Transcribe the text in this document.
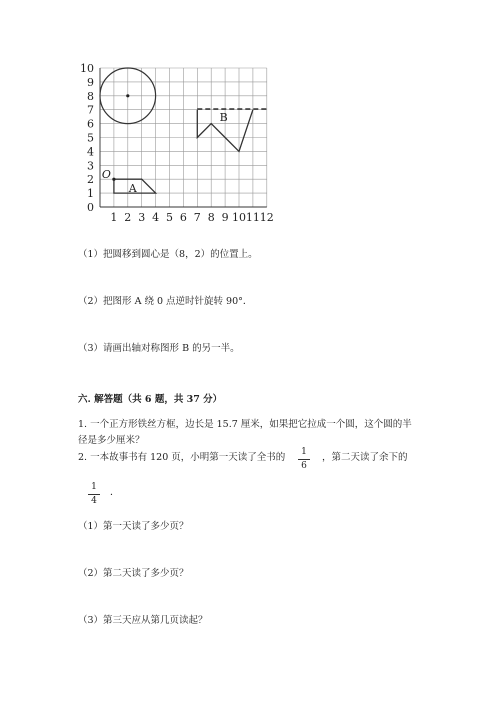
10
9
8
7
6
5
4
3
2
1
0
1 2 3 4 5 6 7 8 9 10 11 12
O
A
B
（1）把圆移到圆心是（8，2）的位置上。
（2）把图形 A 绕 0 点逆时针旋转 90°．
（3）请画出轴对称图形 B 的另一半。
六. 解答题（共 6 题，共 37 分）
1. 一个正方形铁丝方框，边长是 15.7 厘米，如果把它拉成一个圆，这个圆的半
径是多少厘米？
2. 一本故事书有 120 页，小明第一天读了全书的 $\frac{1}{6}$ ，第二天读了余下的
$\frac{1}{4}$ ．
（1）第一天读了多少页？
（2）第二天读了多少页？
（3）第三天应从第几页读起？
